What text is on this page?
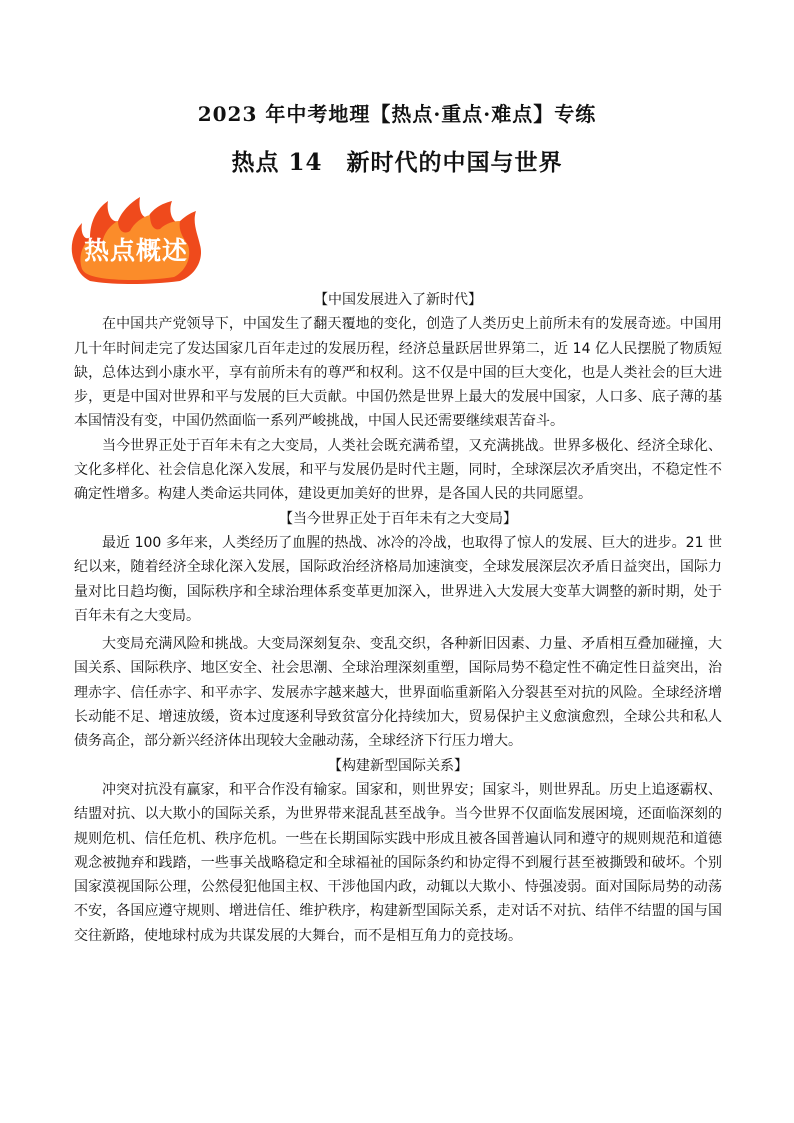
2023 年中考地理【热点·重点·难点】专练
热点 14　新时代的中国与世界
热点概述
【中国发展进入了新时代】

在中国共产党领导下，中国发生了翻天覆地的变化，创造了人类历史上前所未有的发展奇迹。中国用几十年时间走完了发达国家几百年走过的发展历程，经济总量跃居世界第二，近 14 亿人民摆脱了物质短缺，总体达到小康水平，享有前所未有的尊严和权利。这不仅是中国的巨大变化，也是人类社会的巨大进步，更是中国对世界和平与发展的巨大贡献。中国仍然是世界上最大的发展中国家，人口多、底子薄的基本国情没有变，中国仍然面临一系列严峻挑战，中国人民还需要继续艰苦奋斗。

当今世界正处于百年未有之大变局，人类社会既充满希望，又充满挑战。世界多极化、经济全球化、文化多样化、社会信息化深入发展，和平与发展仍是时代主题，同时，全球深层次矛盾突出，不稳定性不确定性增多。构建人类命运共同体，建设更加美好的世界，是各国人民的共同愿望。

【当今世界正处于百年未有之大变局】

最近 100 多年来，人类经历了血腥的热战、冰冷的冷战，也取得了惊人的发展、巨大的进步。21 世纪以来，随着经济全球化深入发展，国际政治经济格局加速演变，全球发展深层次矛盾日益突出，国际力量对比日趋均衡，国际秩序和全球治理体系变革更加深入，世界进入大发展大变革大调整的新时期，处于百年未有之大变局。

大变局充满风险和挑战。大变局深刻复杂、变乱交织，各种新旧因素、力量、矛盾相互叠加碰撞，大国关系、国际秩序、地区安全、社会思潮、全球治理深刻重塑，国际局势不稳定性不确定性日益突出，治理赤字、信任赤字、和平赤字、发展赤字越来越大，世界面临重新陷入分裂甚至对抗的风险。全球经济增长动能不足、增速放缓，资本过度逐利导致贫富分化持续加大，贸易保护主义愈演愈烈，全球公共和私人债务高企，部分新兴经济体出现较大金融动荡，全球经济下行压力增大。

【构建新型国际关系】

冲突对抗没有赢家，和平合作没有输家。国家和，则世界安；国家斗，则世界乱。历史上追逐霸权、结盟对抗、以大欺小的国际关系，为世界带来混乱甚至战争。当今世界不仅面临发展困境，还面临深刻的规则危机、信任危机、秩序危机。一些在长期国际实践中形成且被各国普遍认同和遵守的规则规范和道德观念被抛弃和践踏，一些事关战略稳定和全球福祉的国际条约和协定得不到履行甚至被撕毁和破坏。个别国家漠视国际公理，公然侵犯他国主权、干涉他国内政，动辄以大欺小、恃强凌弱。面对国际局势的动荡不安，各国应遵守规则、增进信任、维护秩序，构建新型国际关系，走对话不对抗、结伴不结盟的国与国交往新路，使地球村成为共谋发展的大舞台，而不是相互角力的竞技场。
